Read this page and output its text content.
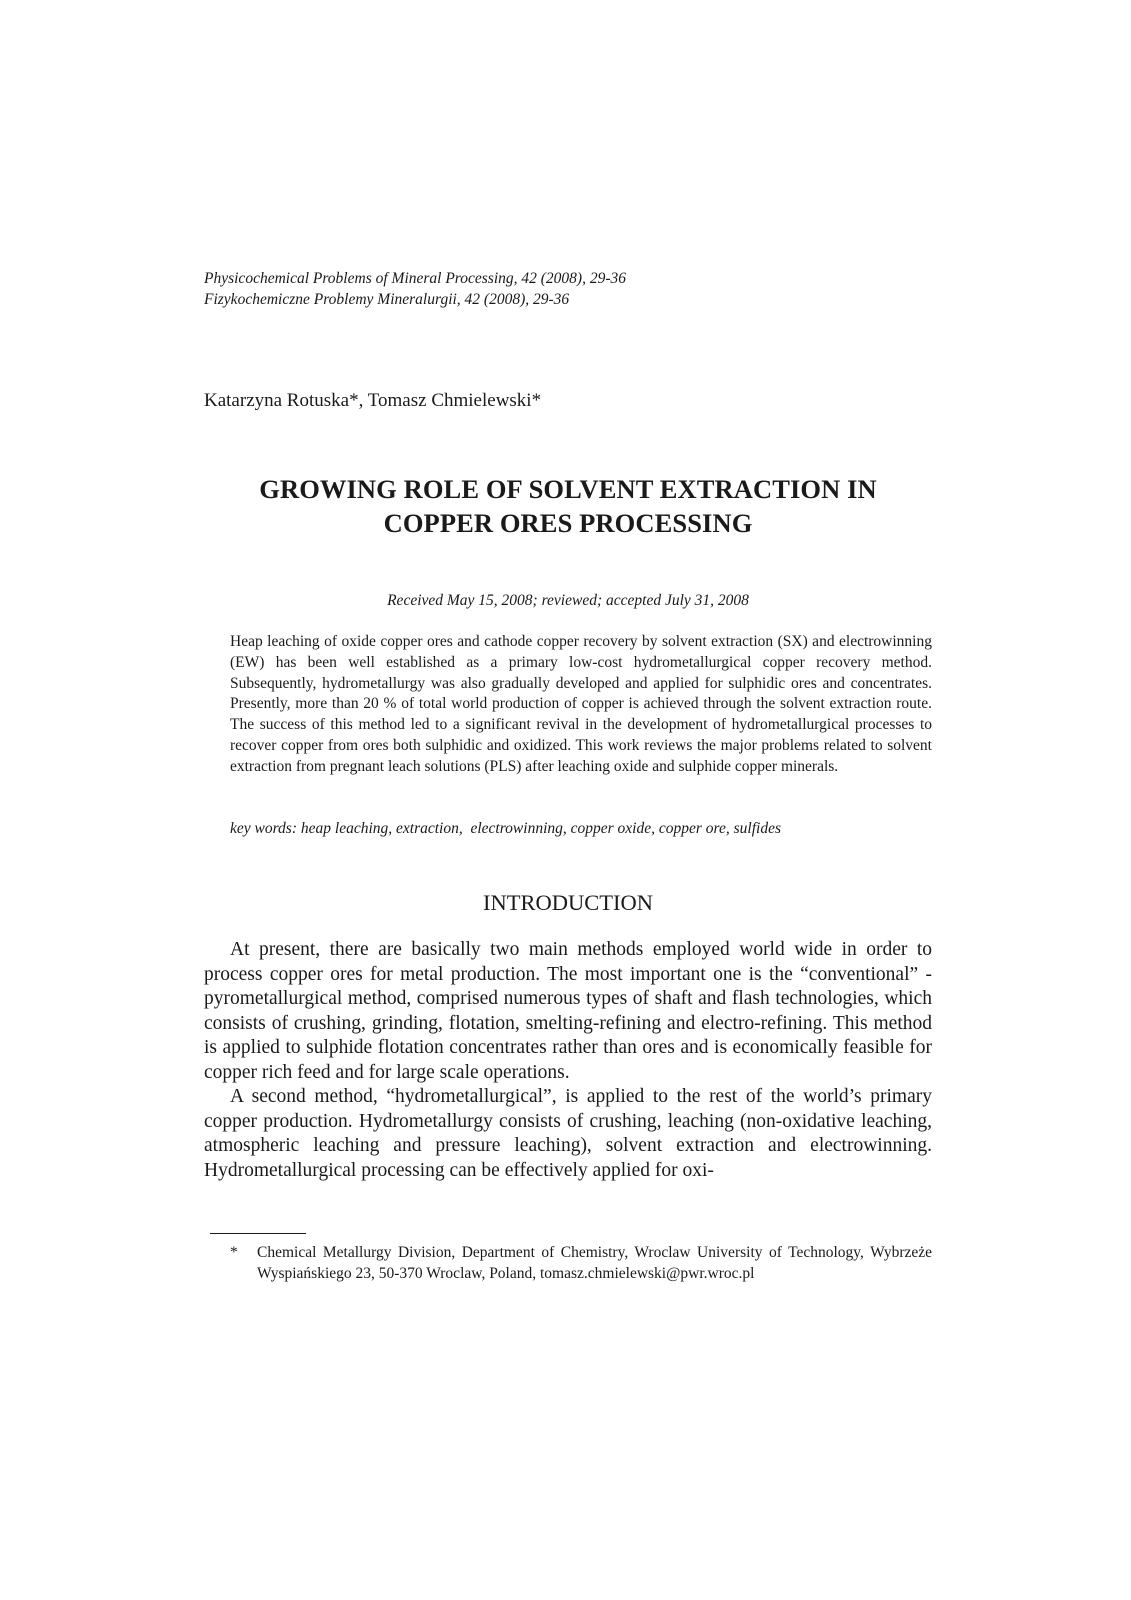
Physicochemical Problems of Mineral Processing, 42 (2008), 29-36
Fizykochemiczne Problemy Mineralurgii, 42 (2008), 29-36
Katarzyna Rotuska*, Tomasz Chmielewski*
GROWING ROLE OF SOLVENT EXTRACTION IN
COPPER ORES PROCESSING
Received May 15, 2008; reviewed; accepted July 31, 2008

Heap leaching of oxide copper ores and cathode copper recovery by solvent extraction (SX) and electrowinning (EW) has been well established as a primary low-cost hydrometallurgical copper recovery method. Subsequently, hydrometallurgy was also gradually developed and applied for sulphidic ores and concentrates. Presently, more than 20 % of total world production of copper is achieved through the solvent extraction route. The success of this method led to a significant revival in the development of hydrometallurgical processes to recover copper from ores both sulphidic and oxidized. This work reviews the major problems related to solvent extraction from pregnant leach solutions (PLS) after leaching oxide and sulphide copper minerals.

key words: heap leaching, extraction,  electrowinning, copper oxide, copper ore, sulfides
INTRODUCTION

At present, there are basically two main methods employed world wide in order to process copper ores for metal production. The most important one is the “conventional” - pyrometallurgical method, comprised numerous types of shaft and flash technologies, which consists of crushing, grinding, flotation, smelting-refining and electro-refining. This method is applied to sulphide flotation concentrates rather than ores and is economically feasible for copper rich feed and for large scale operations.

A second method, “hydrometallurgical”, is applied to the rest of the world’s primary copper production. Hydrometallurgy consists of crushing, leaching (non-oxidative leaching, atmospheric leaching and pressure leaching), solvent extraction and electrowinning. Hydrometallurgical processing can be effectively applied for oxi-

* Chemical Metallurgy Division, Department of Chemistry, Wroclaw University of Technology, Wybrzeże Wyspiańskiego 23, 50-370 Wroclaw, Poland, tomasz.chmielewski@pwr.wroc.pl
